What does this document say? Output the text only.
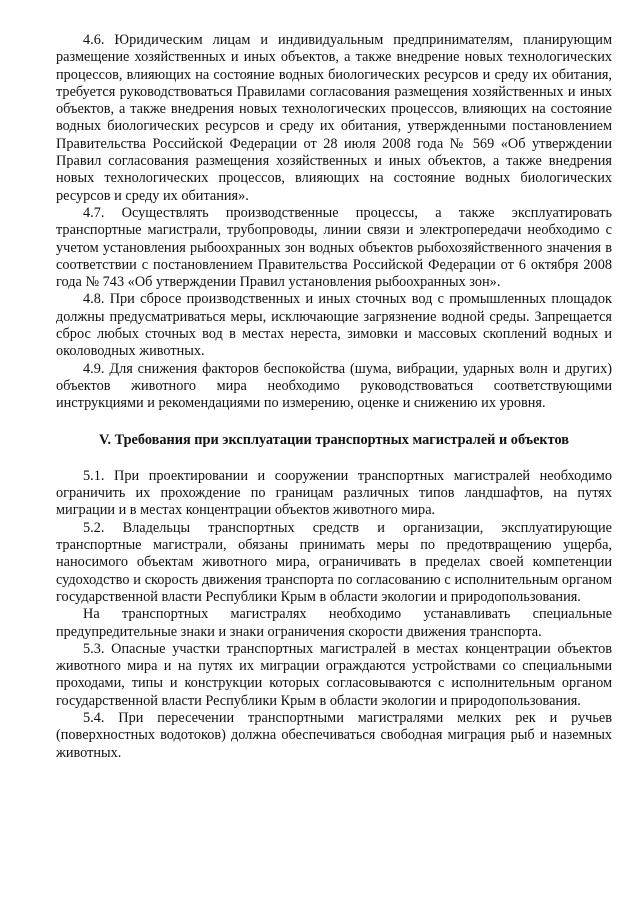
4.6. Юридическим лицам и индивидуальным предпринимателям, планирующим размещение хозяйственных и иных объектов, а также внедрение новых технологических процессов, влияющих на состояние водных биологических ресурсов и среду их обитания, требуется руководствоваться Правилами согласования размещения хозяйственных и иных объектов, а также внедрения новых технологических процессов, влияющих на состояние водных биологических ресурсов и среду их обитания, утвержденными постановлением Правительства Российской Федерации от 28 июля 2008 года № 569 «Об утверждении Правил согласования размещения хозяйственных и иных объектов, а также внедрения новых технологических процессов, влияющих на состояние водных биологических ресурсов и среду их обитания».

4.7. Осуществлять производственные процессы, а также эксплуатировать транспортные магистрали, трубопроводы, линии связи и электропередачи необходимо с учетом установления рыбоохранных зон водных объектов рыбохозяйственного значения в соответствии с постановлением Правительства Российской Федерации от 6 октября 2008 года № 743 «Об утверждении Правил установления рыбоохранных зон».

4.8. При сбросе производственных и иных сточных вод с промышленных площадок должны предусматриваться меры, исключающие загрязнение водной среды. Запрещается сброс любых сточных вод в местах нереста, зимовки и массовых скоплений водных и околоводных животных.

4.9. Для снижения факторов беспокойства (шума, вибрации, ударных волн и других) объектов животного мира необходимо руководствоваться соответствующими инструкциями и рекомендациями по измерению, оценке и снижению их уровня.

V. Требования при эксплуатации транспортных магистралей и объектов

5.1. При проектировании и сооружении транспортных магистралей необходимо ограничить их прохождение по границам различных типов ландшафтов, на путях миграции и в местах концентрации объектов животного мира.

5.2. Владельцы транспортных средств и организации, эксплуатирующие транспортные магистрали, обязаны принимать меры по предотвращению ущерба, наносимого объектам животного мира, ограничивать в пределах своей компетенции судоходство и скорость движения транспорта по согласованию с исполнительным органом государственной власти Республики Крым в области экологии и природопользования.

На транспортных магистралях необходимо устанавливать специальные предупредительные знаки и знаки ограничения скорости движения транспорта.

5.3. Опасные участки транспортных магистралей в местах концентрации объектов животного мира и на путях их миграции ограждаются устройствами со специальными проходами, типы и конструкции которых согласовываются с исполнительным органом государственной власти Республики Крым в области экологии и природопользования.

5.4. При пересечении транспортными магистралями мелких рек и ручьев (поверхностных водотоков) должна обеспечиваться свободная миграция рыб и наземных животных.
